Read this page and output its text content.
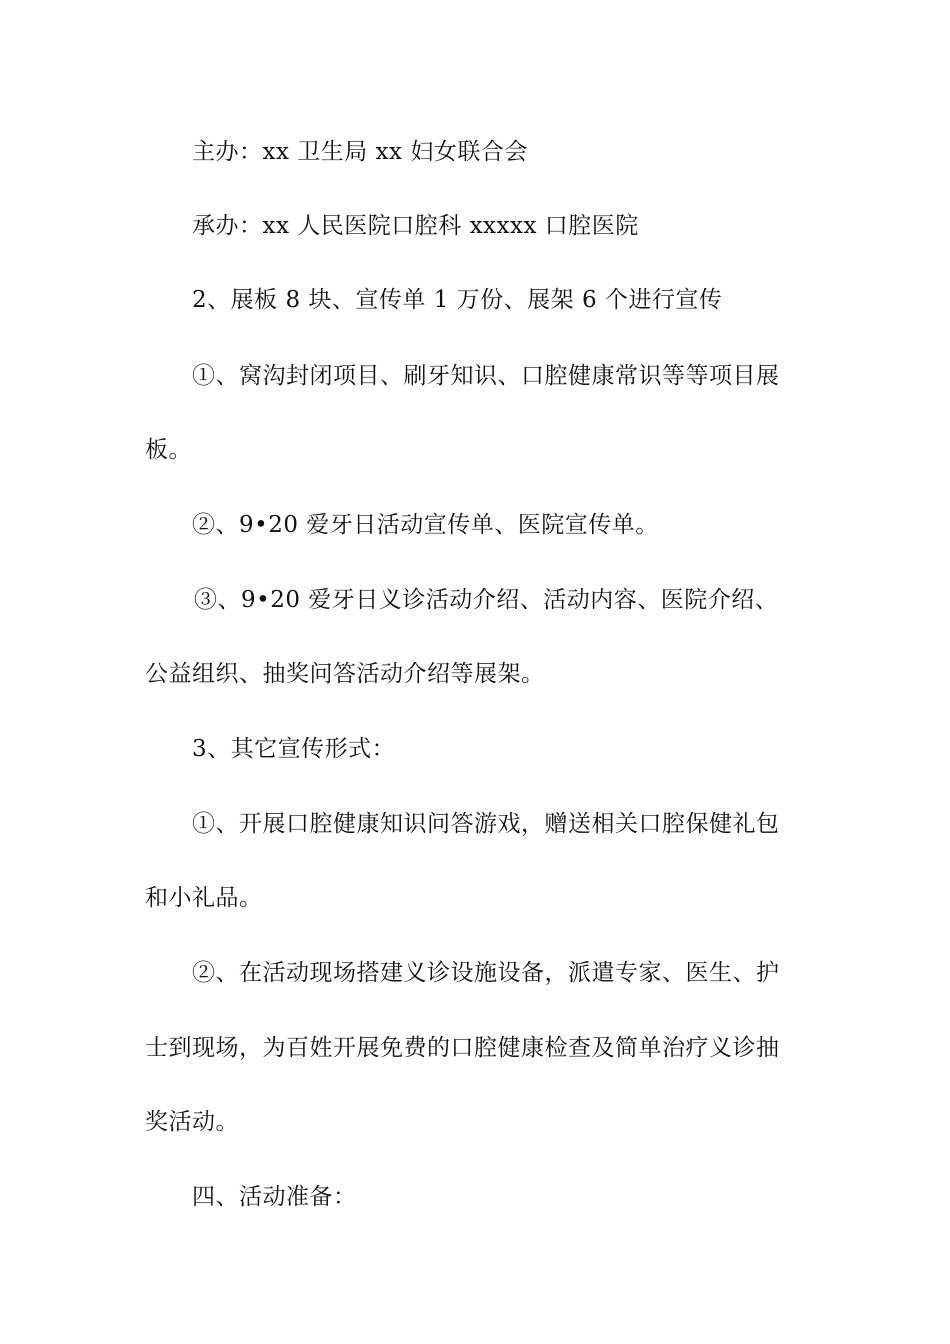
主办：xx 卫生局 xx 妇女联合会
承办：xx 人民医院口腔科 xxxxx 口腔医院
2、展板 8 块、宣传单 1 万份、展架 6 个进行宣传
①、窝沟封闭项目、刷牙知识、口腔健康常识等等项目展
板。
②、9•20 爱牙日活动宣传单、医院宣传单。
③、9•20 爱牙日义诊活动介绍、活动内容、医院介绍、
公益组织、抽奖问答活动介绍等展架。
3、其它宣传形式：
①、开展口腔健康知识问答游戏，赠送相关口腔保健礼包
和小礼品。
②、在活动现场搭建义诊设施设备，派遣专家、医生、护
士到现场，为百姓开展免费的口腔健康检查及简单治疗义诊抽
奖活动。
四、活动准备：
